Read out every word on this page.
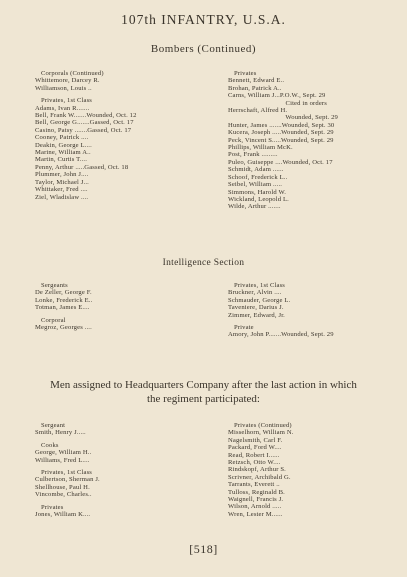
107th INFANTRY, U.S.A.
Bombers (Continued)
Corporals (Continued)
Whittemore, Darcey R.
Williamson, Louis ..
Privates, 1st Class
Adams, Ivan R.......
Bell, Frank W.......Wounded, Oct. 12
Bell, George G.......Gassed, Oct. 17
Casino, Patsy .......Gassed, Oct. 17
Cooney, Patrick ....
Deakin, George L....
Marine, William A..
Martin, Curtis T....
Penny, Arthur .....Gassed, Oct. 18
Plummer, John J....
Taylor, Michael J...
Whittaker, Fred ....
Ziel, Wladislaw ....
Privates
Bennett, Edward E..
Brohan, Patrick A..
Carns, William J...P.O.W., Sept. 29
Cited in orders
Herrschaft, Alfred H.
Wounded, Sept. 29
Hunter, James .......Wounded, Sept. 30
Kucera, Joseph .....Wounded, Sept. 29
Peck, Vincent S.....Wounded, Sept. 29
Phillips, William McK.
Post, Frank .........
Puleo, Guiseppe ....Wounded, Oct. 17
Schmidt, Adam ......
Schoof, Frederick L..
Seibel, William .....
Simmons, Harold W.
Wickland, Leopold L.
Wilde, Arthur .......
Intelligence Section
Sergeants
De Zeller, George F.
Lonke, Frederick E..
Totman, James E....
Corporal
Megroz, Georges ....
Privates, 1st Class
Bruckner, Alvin ....
Schmauder, George L.
Taveniere, Darius J.
Zimmer, Edward, Jr.
Private
Amory, John P.......Wounded, Sept. 29
Men assigned to Headquarters Company after the last action in which
the regiment participated:
Sergeant
Smith, Henry J.....
Cooks
George, William H..
Williams, Fred L....
Privates, 1st Class
Culbertson, Sherman J.
Shellhouse, Paul H.
Vincombe, Charles..
Privates
Jones, William K....
Privates (Continued)
Misselhorn, William N.
Nagelsmith, Carl F.
Packard, Ford W....
Read, Robert I......
Retzsch, Otto W....
Rindskopf, Arthur S.
Scrivner, Archibald G.
Tarrants, Everett ..
Tulloss, Reginald B.
Waignell, Francis J.
Wilson, Arnold .....
Wren, Lester M......
[518]
